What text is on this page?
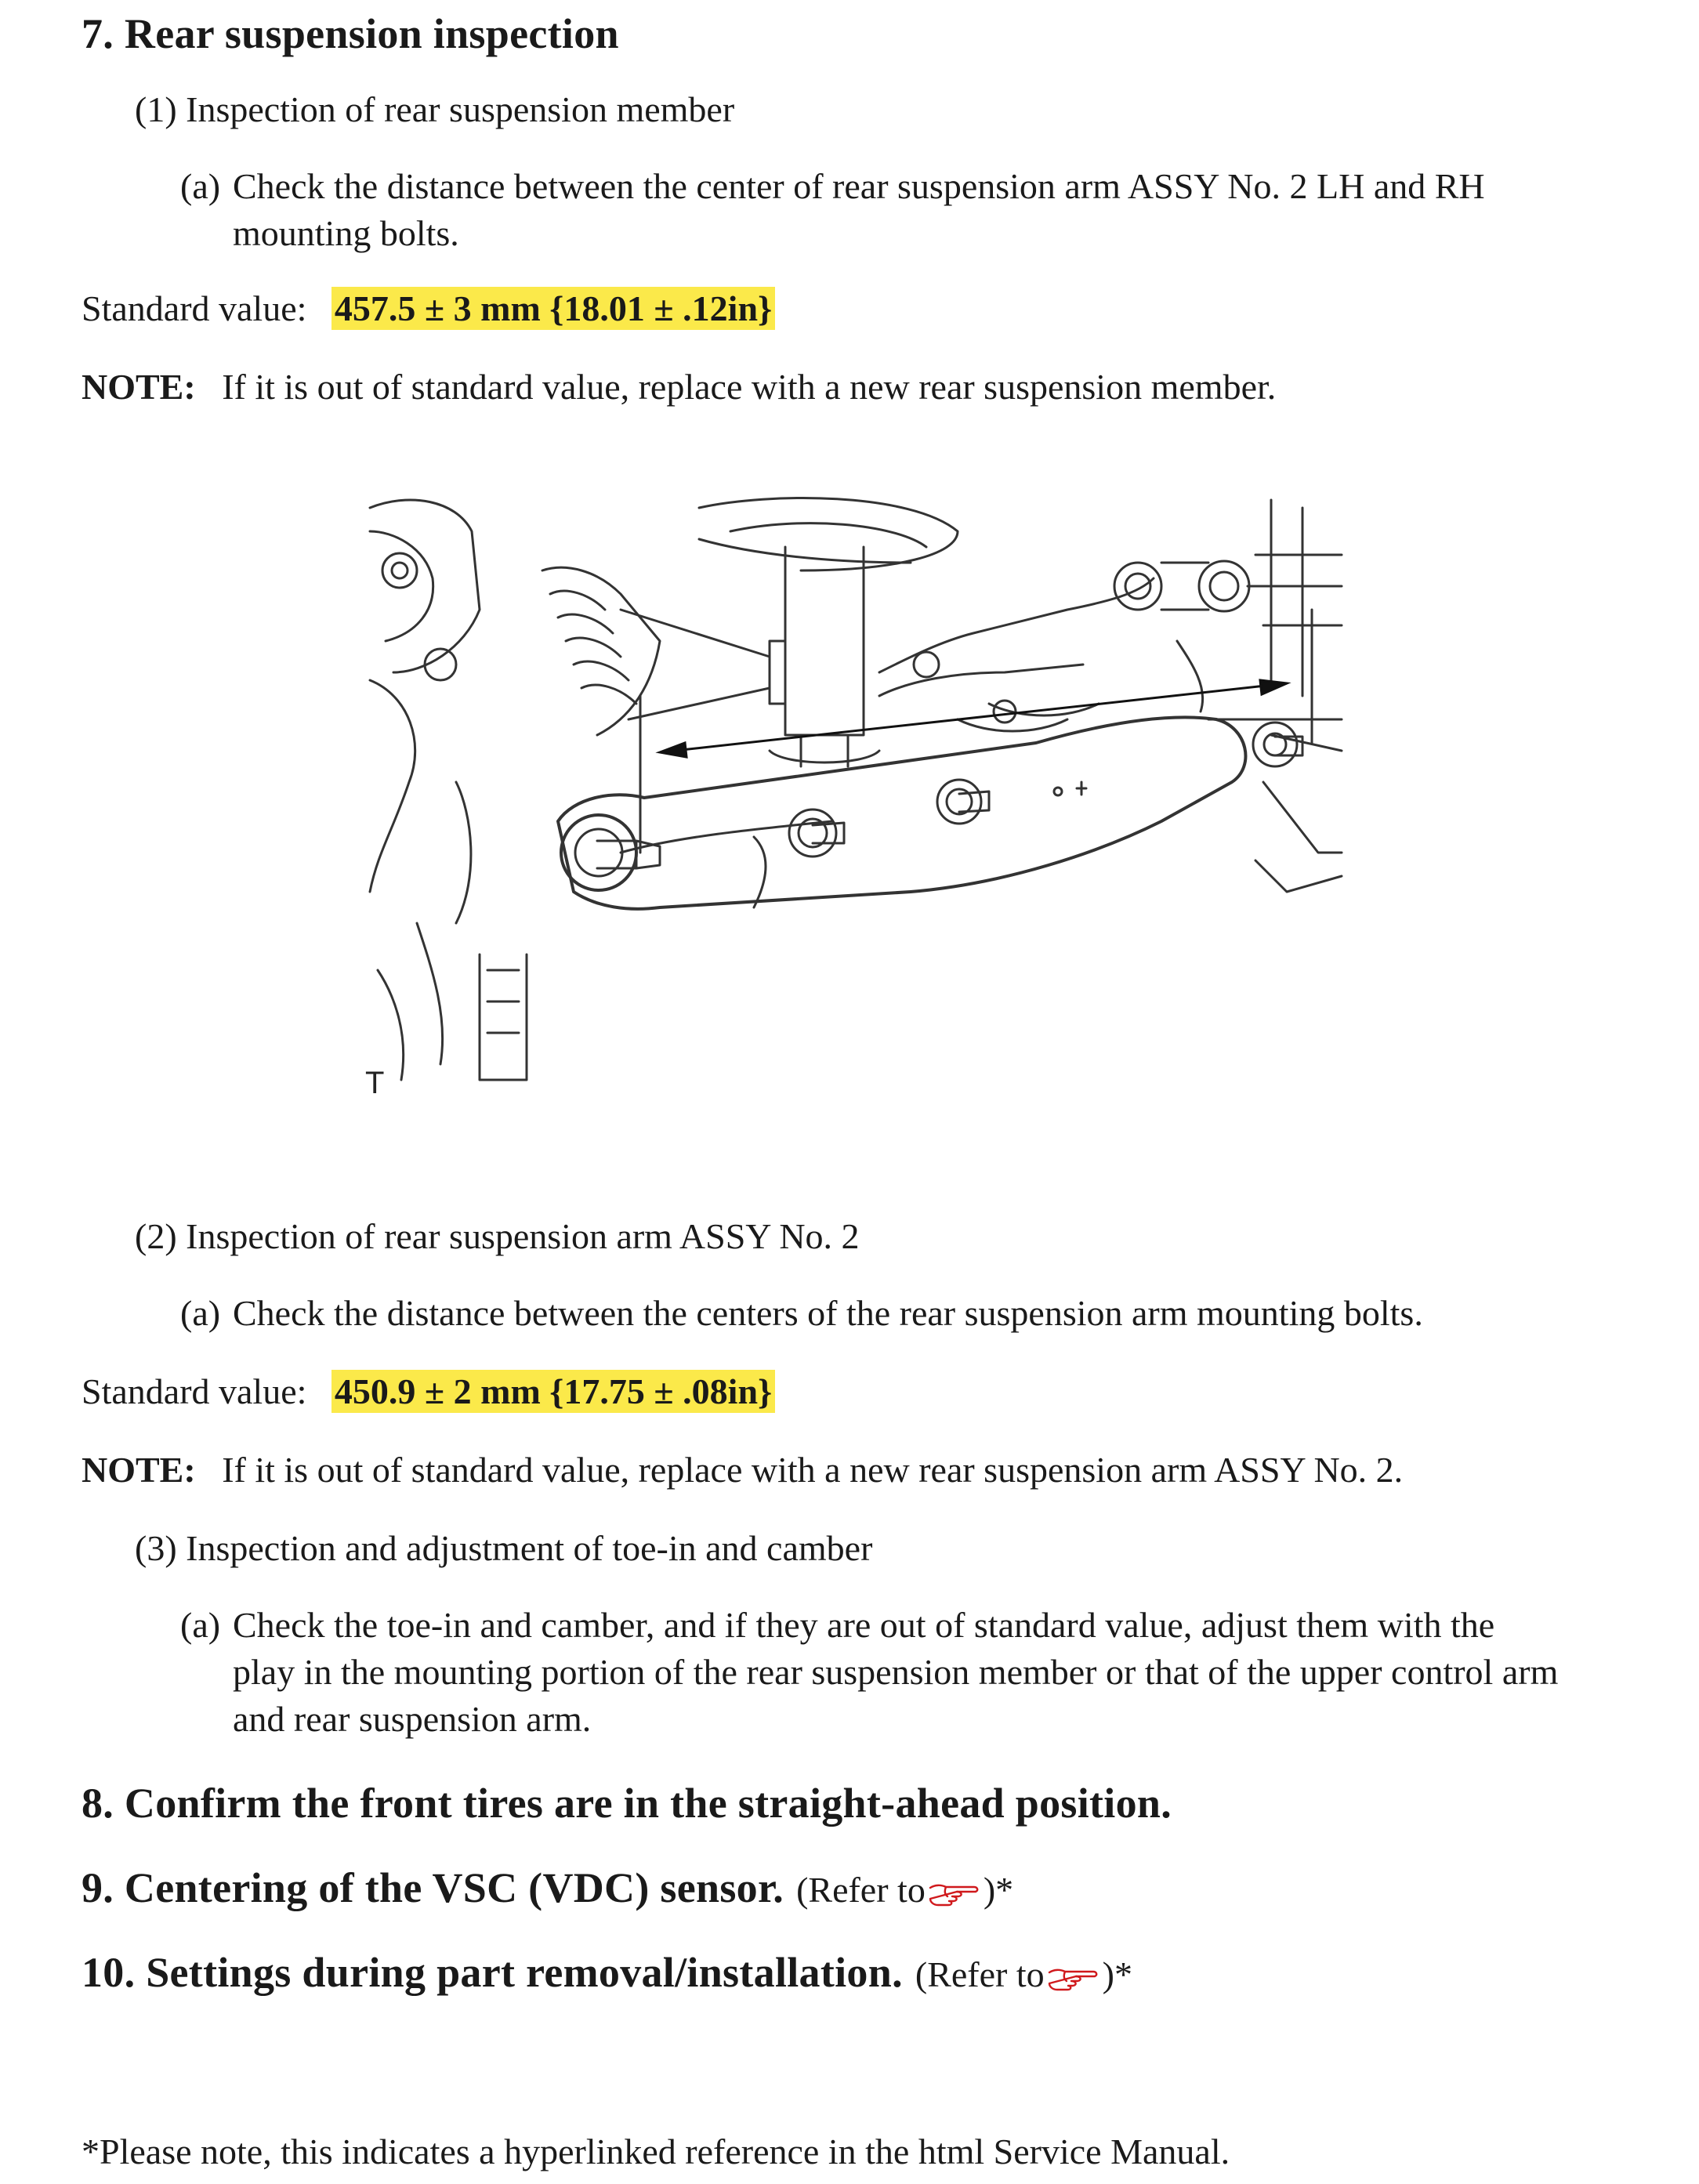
7. Rear suspension inspection
(1) Inspection of rear suspension member
(a) Check the distance between the center of rear suspension arm ASSY No. 2 LH and RH
mounting bolts.
Standard value: 457.5 ± 3 mm {18.01 ± .12in}
NOTE: If it is out of standard value, replace with a new rear suspension member.
T
(2) Inspection of rear suspension arm ASSY No. 2
(a) Check the distance between the centers of the rear suspension arm mounting bolts.
Standard value: 450.9 ± 2 mm {17.75 ± .08in}
NOTE: If it is out of standard value, replace with a new rear suspension arm ASSY No. 2.
(3) Inspection and adjustment of toe-in and camber
(a) Check the toe-in and camber, and if they are out of standard value, adjust them with the
play in the mounting portion of the rear suspension member or that of the upper control arm
and rear suspension arm.
8. Confirm the front tires are in the straight-ahead position.
9. Centering of the VSC (VDC) sensor. (Refer to )*
10. Settings during part removal/installation. (Refer to )*
*Please note, this indicates a hyperlinked reference in the html Service Manual.
